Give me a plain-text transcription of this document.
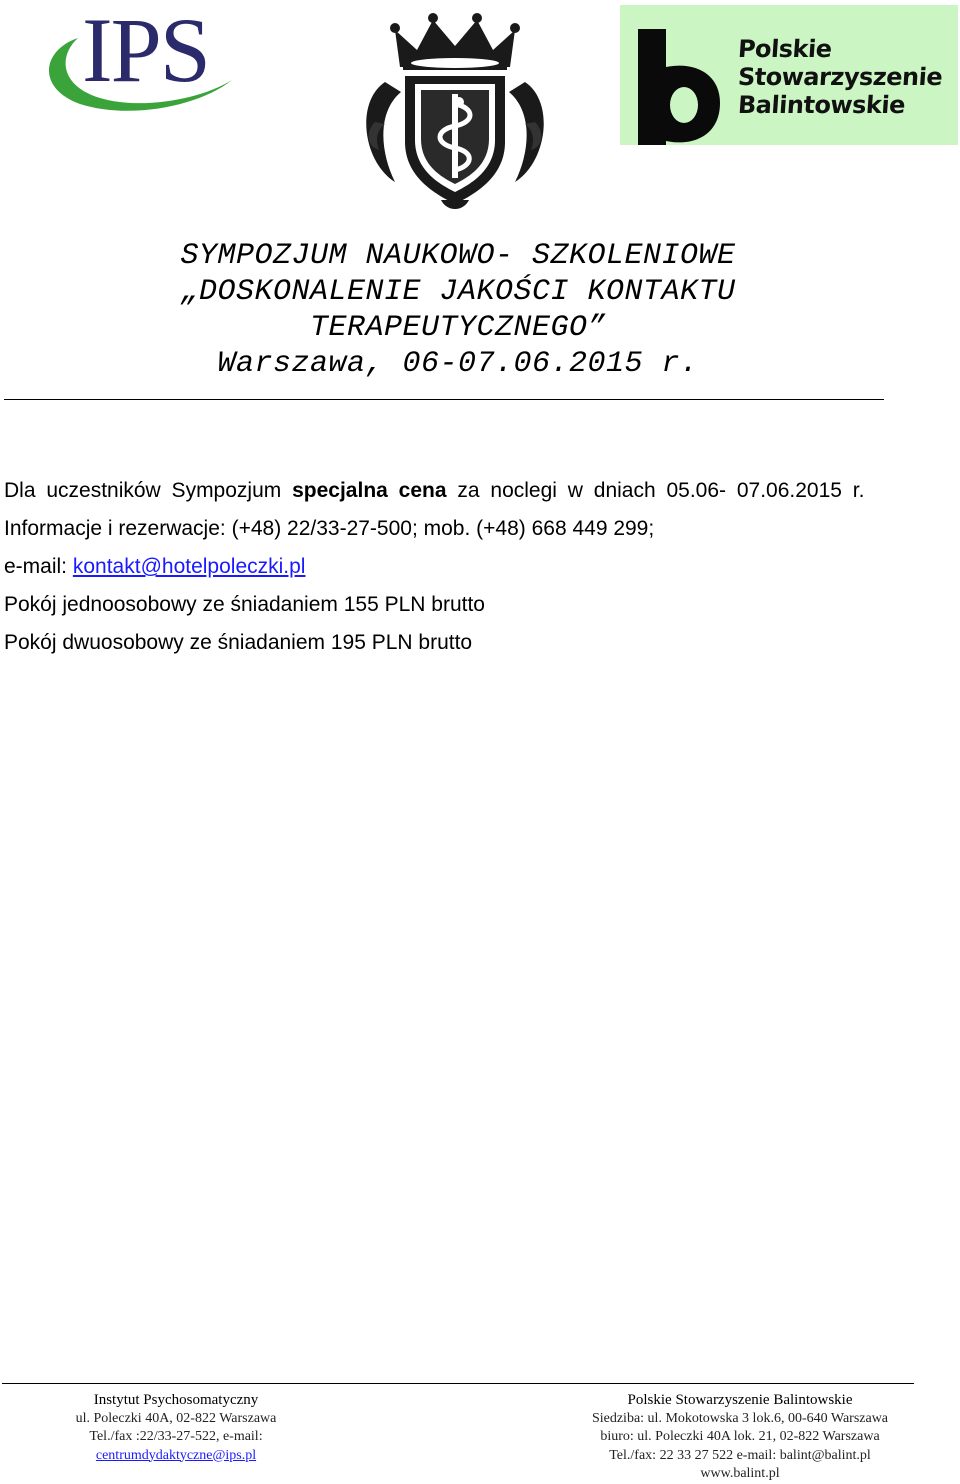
IPS	Polskie
Stowarzyszenie
Balintowskie
SYMPOZJUM NAUKOWO- SZKOLENIOWE
„DOSKONALENIE JAKOŚCI KONTAKTU
TERAPEUTYCZNEGO”
Warszawa, 06-07.06.2015 r.
Dla uczestników Sympozjum specjalna cena za noclegi w dniach 05.06- 07.06.2015 r.
Informacje i rezerwacje: (+48) 22/33-27-500; mob. (+48) 668 449 299;
e-mail: kontakt@hotelpoleczki.pl
Pokój jednoosobowy ze śniadaniem 155 PLN brutto
Pokój dwuosobowy ze śniadaniem 195 PLN brutto
Instytut Psychosomatyczny
ul. Poleczki 40A, 02-822 Warszawa
Tel./fax :22/33-27-522, e-mail:
centrumdydaktyczne@ips.pl
Polskie Stowarzyszenie Balintowskie
Siedziba: ul. Mokotowska 3 lok.6, 00-640 Warszawa
biuro: ul. Poleczki 40A lok. 21, 02-822 Warszawa
Tel./fax: 22 33 27 522 e-mail: balint@balint.pl
www.balint.pl
